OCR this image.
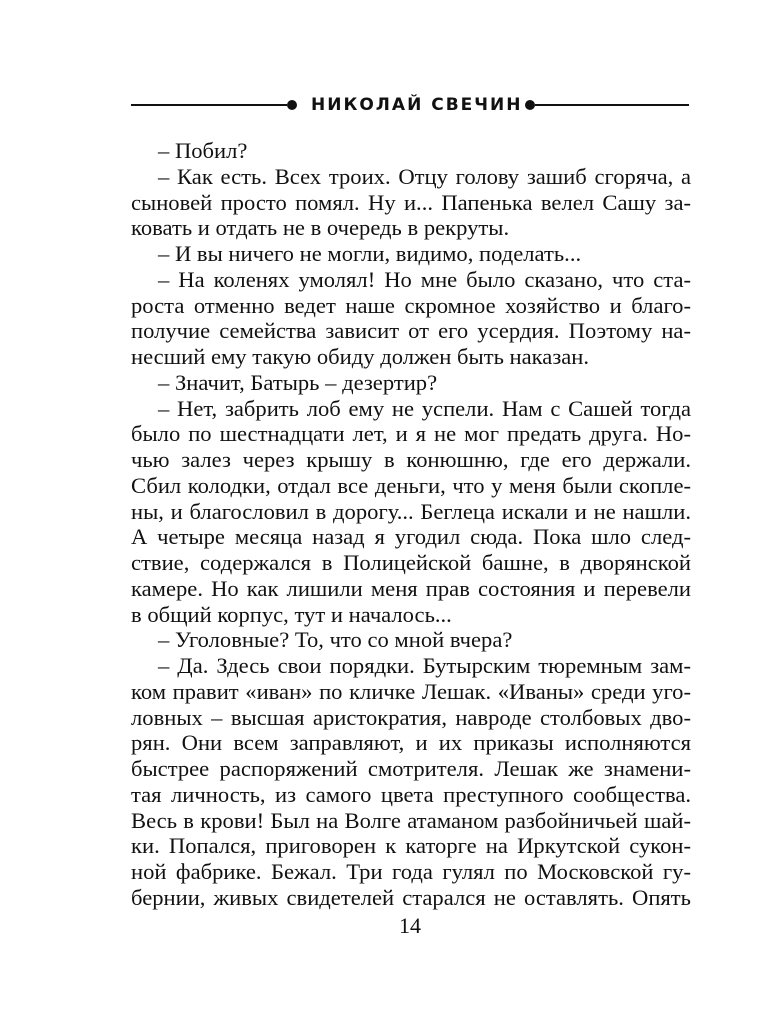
НИКОЛАЙ СВЕЧИН
– Побил?
– Как есть. Всех троих. Отцу голову зашиб сгоряча, а
сыновей просто помял. Ну и... Папенька велел Сашу за-
ковать и отдать не в очередь в рекруты.
– И вы ничего не могли, видимо, поделать...
– На коленях умолял! Но мне было сказано, что ста-
роста отменно ведет наше скромное хозяйство и благо-
получие семейства зависит от его усердия. Поэтому на-
несший ему такую обиду должен быть наказан.
– Значит, Батырь – дезертир?
– Нет, забрить лоб ему не успели. Нам с Сашей тогда
было по шестнадцати лет, и я не мог предать друга. Но-
чью залез через крышу в конюшню, где его держали.
Сбил колодки, отдал все деньги, что у меня были скопле-
ны, и благословил в дорогу... Беглеца искали и не нашли.
А четыре месяца назад я угодил сюда. Пока шло след-
ствие, содержался в Полицейской башне, в дворянской
камере. Но как лишили меня прав состояния и перевели
в общий корпус, тут и началось...
– Уголовные? То, что со мной вчера?
– Да. Здесь свои порядки. Бутырским тюремным зам-
ком правит «иван» по кличке Лешак. «Иваны» среди уго-
ловных – высшая аристократия, навроде столбовых дво-
рян. Они всем заправляют, и их приказы исполняются
быстрее распоряжений смотрителя. Лешак же знамени-
тая личность, из самого цвета преступного сообщества.
Весь в крови! Был на Волге атаманом разбойничьей шай-
ки. Попался, приговорен к каторге на Иркутской сукон-
ной фабрике. Бежал. Три года гулял по Московской гу-
бернии, живых свидетелей старался не оставлять. Опять
14
